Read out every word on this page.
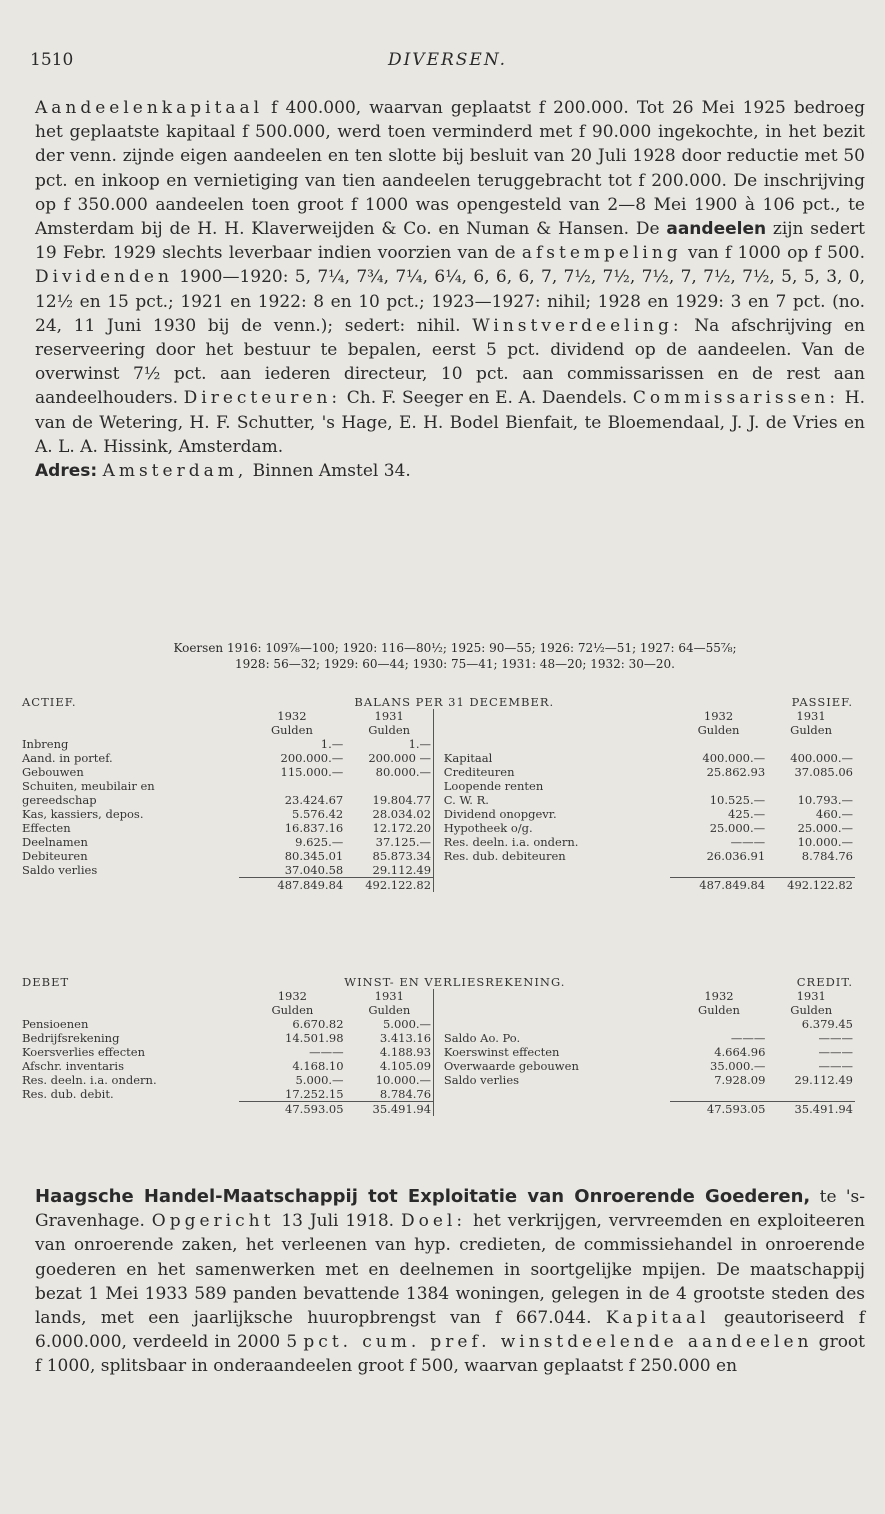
1510	DIVERSEN.
Aandeelenkapitaal f 400.000, waarvan geplaatst f 200.000. Tot 26 Mei 1925 bedroeg het geplaatste kapitaal f 500.000, werd toen verminderd met f 90.000 ingekochte, in het bezit der venn. zijnde eigen aandeelen en ten slotte bij besluit van 20 Juli 1928 door reductie met 50 pct. en inkoop en vernietiging van tien aandeelen teruggebracht tot f 200.000. De inschrijving op f 350.000 aandeelen toen groot f 1000 was opengesteld van 2—8 Mei 1900 à 106 pct., te Amsterdam bij de H. H. Klaverweijden & Co. en Numan & Hansen. De aandeelen zijn sedert 19 Febr. 1929 slechts leverbaar indien voorzien van de afstempeling van f 1000 op f 500. Dividenden 1900—1920: 5, 7¼, 7¾, 7¼, 6¼, 6, 6, 6, 7, 7½, 7½, 7½, 7, 7½, 7½, 5, 5, 3, 0, 12½ en 15 pct.; 1921 en 1922: 8 en 10 pct.; 1923—1927: nihil; 1928 en 1929: 3 en 7 pct. (no. 24, 11 Juni 1930 bij de venn.); sedert: nihil. Winstverdeeling: Na afschrijving en reserveering door het bestuur te bepalen, eerst 5 pct. dividend op de aandeelen. Van de overwinst 7½ pct. aan iederen directeur, 10 pct. aan commissarissen en de rest aan aandeelhouders. Directeuren: Ch. F. Seeger en E. A. Daendels. Commissarissen: H. van de Wetering, H. F. Schutter, 's Hage, E. H. Bodel Bienfait, te Bloemendaal, J. J. de Vries en A. L. A. Hissink, Amsterdam.
Adres: Amsterdam, Binnen Amstel 34.
Koersen 1916: 109⅞—100; 1920: 116—80½; 1925: 90—55; 1926: 72½—51; 1927: 64—55⅞;
1928: 56—32; 1929: 60—44; 1930: 75—41; 1931: 48—20; 1932: 30—20.
ACTIEF.	BALANS PER 31 DECEMBER.				PASSIEF.	
	1932	1931			1932	1931
	Gulden	Gulden			Gulden	Gulden
Inbreng	1.—	1.—				
Aand. in portef.	200.000.—	200.000 —		Kapitaal	400.000.—	400.000.—
Gebouwen	115.000.—	80.000.—		Crediteuren	25.862.93	37.085.06
Schuiten, meubilair en				Loopende renten		
gereedschap	23.424.67	19.804.77		C. W. R.	10.525.—	10.793.—
Kas, kassiers, depos.	5.576.42	28.034.02		Dividend onopgevr.	425.—	460.—
Effecten	16.837.16	12.172.20		Hypotheek o/g.	25.000.—	25.000.—
Deelnamen	9.625.—	37.125.—		Res. deeln. i.a. ondern.	———	10.000.—
Debiteuren	80.345.01	85.873.34		Res. dub. debiteuren	26.036.91	8.784.76
Saldo verlies	37.040.58	29.112.49				
	487.849.84	492.122.82			487.849.84	492.122.82
DEBET	WINST- EN VERLIESREKENING.				CREDIT.	
	1932	1931			1932	1931
	Gulden	Gulden			Gulden	Gulden
Pensioenen	6.670.82	5.000.—				6.379.45
Bedrijfsrekening	14.501.98	3.413.16		Saldo Ao. Po.	———	———
Koersverlies effecten	———	4.188.93		Koerswinst effecten	4.664.96	———
Afschr. inventaris	4.168.10	4.105.09		Overwaarde gebouwen	35.000.—	———
Res. deeln. i.a. ondern.	5.000.—	10.000.—		Saldo verlies	7.928.09	29.112.49
Res. dub. debit.	17.252.15	8.784.76				
	47.593.05	35.491.94			47.593.05	35.491.94
Haagsche Handel-Maatschappij tot Exploitatie van Onroerende Goederen, te 's-Gravenhage. Opgericht 13 Juli 1918. Doel: het verkrijgen, vervreemden en exploiteeren van onroerende zaken, het verleenen van hyp. credieten, de commissiehandel in onroerende goederen en het samenwerken met en deelnemen in soortgelijke mpijen. De maatschappij bezat 1 Mei 1933 589 panden bevattende 1384 woningen, gelegen in de 4 grootste steden des lands, met een jaarlijksche huuropbrengst van f 667.044. Kapitaal geautoriseerd f 6.000.000, verdeeld in 2000 5 pct. cum. pref. winstdeelende aandeelen groot f 1000, splitsbaar in onderaandeelen groot f 500, waarvan geplaatst f 250.000 en
